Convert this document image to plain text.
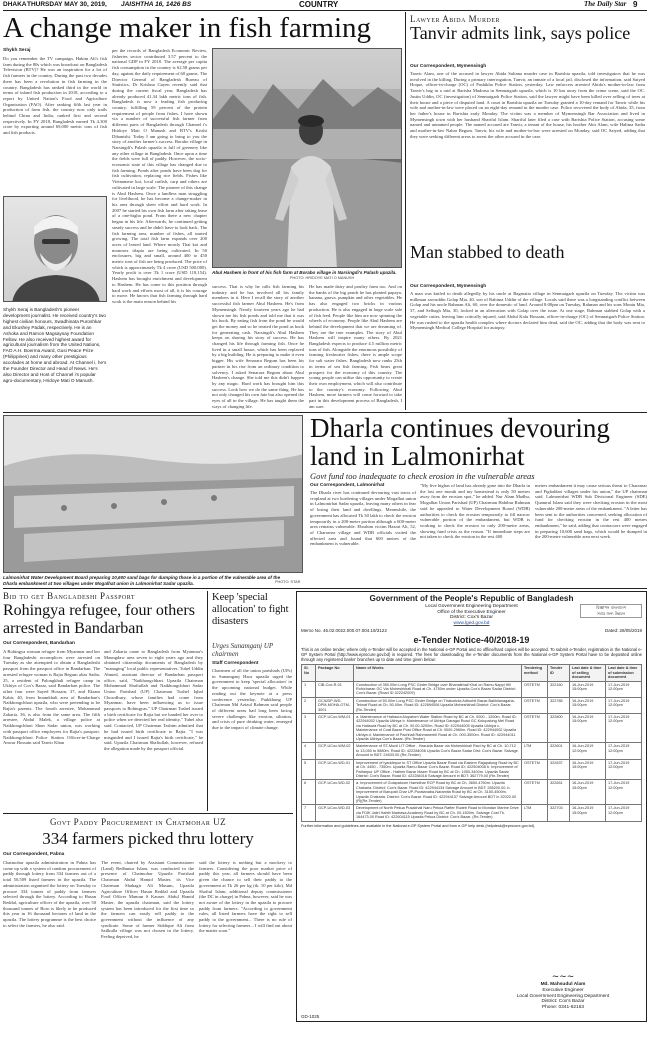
DHAKA THURSDAY MAY 30, 2019, JAISHTHA 16, 1426 BS	COUNTRY	The Daily Star 9
A change maker in fish farming
Shykh Seraj
Do you remember the TV campaign, Hakim Ali's fish farm during the 80s which was broadcast on Bangladesh Television (BTV)? He was an inspiration for a lot of fish farmers in the country. During the past two decades there has been a revolution in fish farming in the country. Bangladesh has ranked third in the world in terms of inland fish production in 2018, according to a report by United Nation's Food and Agriculture Organisation (FAO). After ranking fifth last year in production of farm fish, the country now only trails behind China and India, ranked first and second respectively. In FY 2018, Bangladesh earned Tk 4,300 crore by exporting around 69,000 metric tons of fish and fish products.
Shykh Seraj is Bangladesh's pioneer development journalist. He received country's two highest civilian honours, Swadhinata Puroshkar and Ekushey Padak, respectively. He is an Ashoka and Ramon Magsaysay Foundation Fellow. He also received highest award for agricultural journalism from the United Nations, FAO A.H. Boerma Award, Gusi Peace Prize (Philippines) and many other prestigious accolades at home and abroad. At Channel i, he's the Founder Director and Head of News. He's also Director and Host of Channel i's popular agro-documentary, Hridoye Mati O Manush.
per the records of Bangladesh Economic Review, fisheries sector contributed 3.57 percent to the national GDP in FY 2018. The average per capita fish consumption in the country is 62.58 grams per day, against the daily requirement of 60 grams. The Director General of Bangladesh Bureau of Statistics, Dr Krishna Gayen recently said that during the current fiscal year, Bangladesh has already produced 41.34 lakh metric tons of fish. Bangladesh is now a leading fish producing country, fulfilling 59 percent of the protein requirement of people from fishes. I have shown via a number of successful fish farmer from different parts of Bangladesh through Channel i's Hridoye Mati O Manush and BTV's Krishi Dibanishi. Today I am going to bring to you the story of another farmer's success. Borabo village in Narsingdi's Palash upazila is full of greenery like any other village in Bangladesh. Once upon a time the fields were full of paddy. However, the socio-economic state of this village has changed due to fish farming. Ponds after ponds have been dug for fish cultivation, replacing rice fields. Fishes like Vietnamese koi, local catfish, carp and others are cultivated in large scale. The pioneer of this change is Abul Hashem. Once a landless man struggling for livelihood, he has become a change-maker in his area through sheer effort and hard work. In 2007 he started his own fish farm after taking lease of a one-bigha pond. From there a new chapter began in his life. Afterwards, he continued getting steady success and he didn't have to look back. The fish farming area, number of fishes, all started growing. The total fish farm expands over 200 acres of leased land. Where mostly Thai koi and monosex tilapia are being cultivated. In 50 enclosures, big and small, around 400 to 450 metric tons of fish are being produced. The price of which is approximately Tk 4 crore (USD 500,000). Yearly profit is over Tk 1 crore (USD 118,154). Hashem has brought enrichment and development to Hashem. He has come to this position through hard work and efforts most of all, it is his courage to move. He knows that fish farming through hard work is the main reason behind his
Abul Hashem in front of his fish farm at Borabo village in Narsingdi's Palash upazila.
PHOTO: HRIDOYE MATI O MANUSH
success. That is why he calls fish farming his industry and he has involved all his family members in it. Here I recall the story of another successful fish farmer Abul Hashem. He's from Mymensingh. Nearly fourteen years ago he had shown me his fish ponds and told me that it was his book. By eating fish from the pond he would get the money and so he treated the pond as book for generating cash. Narsingdi's Abul Hashem keeps on sharing his story of success. He has changed his life through farming fish. Once he lived in a small house, which has been replaced by a big building. He is preparing to make it even bigger. His wife Senarara Begum has been his partner in his rise from an ordinary condition to solvency. I asked Senarara Begum about Abul Hashem's change. She told me this didn't happen by any magic. Hard work has brought him this success. Look how we do the same thing. He has not only changed his own fate but also opened the eyes of all in the village. He has taught them the ways of changing life.
He has made dairy and poultry farm too. And on the banks of the big ponds he has planted papaya, banana, guava, pumpkin and other vegetables. He has also engaged two bricks in various production. He is also engaged in large scale sale of fish feed. People like him are now spinning the wheels of economy. People like Abul Hashem are behind the development that we are dreaming of. They are the true examples. The story of Abul Hashem will inspire many others. By 2021 Bangladesh expects to produce 4.5 million metric tons of fish. Alongside the enormous possibility of farming freshwater fishes, there is ample scope for salt water fishes. Bangladesh now ranks 25th in terms of sea fish farming. Fish bears great prospect for the economy of this country. The young people can utilise this opportunity to create their own employment, which will also contribute to the country's economy. Following Abul Hashem, more farmers will come forward to take part in this development process of Bangladesh, I am sure.
Lawyer Abida Murder
Tanvir admits link, says police
Our Correspondent, Mymensingh
Tanvir Alam, one of the accused in lawyer Abida Sultana murder case in Barishia upazila, told investigators that he was involved in the killing. During a primary interrogation, Tanvir, an inmate of a local jail, disclosed the information, said Saiyed Hoque, officer-in-charge (OC) of Pashikha Police Station, yesterday. Law enforcers arrested Abida's mother-in-law from Tanvir's bag in a raid at Barisha Madrasa in Senmaigarh upazila, which is 10 km away from the crime scene, said the OC. Justin Uddin, OC (investigation) of Senmaigarh Police Station, said the lawyer might have been killed over selling of trees at their house and a piece of disputed land. A court in Barishia upazila on Tuesday granted a 10-day remand for Tanvir while his wife and mother-in-law were placed on an eight-day remand in the murder case. Police recovered the body of Abida, 35, from her father's house in Barishia early Monday. The victim was a member of Mymensingh Bar Association and lived in Mymensingh town with her husband Shariful Islam. Shariful later filed a case with Barishia Police Station, accusing some named and unnamed people. The named accused are Tanvir, a tenant of the house, his brother Abir Alam, wife Halima Sadia and mother-in-law Nahar Begum. Tanvir, his wife and mother-in-law were arrested on Monday, said OC Saiyed, adding that they were seeking different areas to arrest the other accused in the case.
Man stabbed to death
Our Correspondent, Mymensingh
A man was knifed to death allegedly by his uncle at Bagmatia village in Senmaigarh upazila on Tuesday. The victim was milkman sarcuddin Golap Mia, 40, son of Rahima Uddin of the village. Locals said there was a longstanding conflict between Golap and his uncle Rahman Ali, 60, over the domestic of land. Around 8:00pm on Tuesday, Rahman and his sons Montu Mia, 37, and Selhagh Mia, 30, locked in an altercation with Golap over the issue. At one stage, Rahman stabbed Golap with a vegetable cutter, leaving him critically injured, said Abdul Kalu Hossain, officer-in-charge (OC) of Senmaigarh Police Station. He was rushed to the upazila health complex where doctors declared him dead, said the OC, adding that the body was sent to Mymensingh Medical College Hospital for autopsy.
Lalmonirhat Water Development Board preparing 10,600 sand bags for dumping those in a portion of the vulnerable area of the Dharla embankment at two villages under Mogalhat union in Lalmonirhat Sadar upazila.	PHOTO: STAR
Dharla continues devouring land in Lalmonirhat
Govt fund too inadequate to check erosion in the vulnerable areas
Our Correspondent, Lalmonirhat
The Dharla river has continued devouring vast tracts of cropland at two bordering villages under Mogalhat union in Lalmonirhat Sadar upazila, leaving many others in fear of losing their land and dwellings. Meanwhile, the government has allocated Tk 30 lakh to check the erosion temporarily in a 200-meter portion although a 600-meter area remains vulnerable. Ebrahim victim Hazrat Ali, 52, of Chararnar village and WDB officials visited the affected area and found that 600 metres of the embankment is vulnerable.
"My five bighas of land has already gone into the Dharla in the last one month and my homestead is only 50 metres away from the erosion spot," he added. Nur Alam Madhu, Mogalhat Union Parishad (UP) Chairman Habibur Rahman said he appealed to Water Development Board (WDB) authorities to check the erosion temporarily to fill narrow vulnerable portion of the embankment, but WDB is working to check the erosion in only 200-metre areas, showing fund crisis as the reason. "If immediate steps are not taken to check the erosion in the rest 400
metres embankment it may cause serious threat to Chararnar and Fighaldari villages under his union," the UP chairman said. Lalmonirhat WDB Sub Divisional Engineer (SDE) Quamrul Islam said they were checking erosion in the most vulnerable 200-metre areas of the embankment. "A letter has been sent to the authorities concerned, seeking allocation of fund for checking erosion in the rest 400 metres embankment," he said, adding that contractors were engaged in preparing 10,600 sand bags, which would be dumped in the 200-metre vulnerable area next week.
Bid to get Bangladeshi Passport
Rohingya refugee, four others arrested in Bandarban
Our Correspondent, Bandarban
A Rohingya woman refugee from Myanmar and her four Bangladeshi accomplices were arrested on Tuesday as she attempted to obtain a Bangladeshi passport from the passport office in Bandarban. The arrested refugee woman is Rajia Begum alias Sadia, 25, a resident of Palongkhali refugee camp in Ukhiya of Cox's Bazar, said Bandarban police. The other four were Sayed Hossain, 37, and Ekram Kabir, 40, from Imamkhali area of Bandarban's Naikhongchhari upazila, who were pretending to be Rajia's parents. The fourth arrestee, Mohammad Zakaria, 36, is also from the same area. The fifth arrestee, Abdul Malek, a village police at Naikhongchhari Shun Sadar union, was working with passport office employees for Rajia's passport. Naikhongchhari Police Station Officer-in-Charge Anwar Hossain said Tanvir Khan
and Zakaria came to Bangladesh from Myanmar's Maungdaw area seven to eight years ago and they obtained citizenship documents of Bangladesh by "managing" local public representatives. Tuhel Uddin Ahmed, assistant director of Bandarban passport office, said, "Naikhongchhari Upazila Chairman Mohammad Shafiullah and Naikhongchhari Sadar Union Parishad (UP) Chairman Tushel Iqbal Chowdhury, whose families had come from Myanmar, have been influencing us to issue passports to Rohingyas." UP Chairman Tushel issued a birth certificate for Rajia but we handed her over to police when we detected her real identity," Tuhel also said. Contacted, UP Chairman Tashim admitted that he had issued birth certificate to Rajia. "I was misguided and I issued Rajia's birth certificate," he said. Upazila Chairman Shafiullah, however, refused the allegation made by the passport official.
Keep 'special allocation' to fight disasters
Urges Sunamganj UP chairmen
Staff Correspondent
Chairmen of all the union parishads (UPs) in Sunamganj Haor upazila urged the government to keep 'special allocation' in the upcoming national budget. While reading out the keynote at a press conference yesterday, Paikkhong UP Chairman Md Azizul Rahman said people of different areas had long been facing severe challenges like erosion, siltation, and crisis of pure drinking water, emerged due to the impact of climate change.
Government of the People's Republic of Bangladesh
Local Government Engineering Department
Office of the Executive Engineer
District: Cox's Bazar
www.lged.gov.bd
বিজ্ঞাপন বাংলাদেশ
সবার জন্য উন্নয়ন
Memo No. 46.02.0022.000.07.004.19/3122	Dated: 28/05/2019
e-Tender Notice-40/2018-19
This is an online tender, where only e-Tender will be accepted in the National e-GP Portal and no offline/hard copies will be accepted. To submit e-Tender, registration in the National e-GP System Portal (http://www.eprocure.gov.bd) is required. The fees for downloading the e-Tender documents from the National e-GP System Portal have to be deposited online through any registered banks' branches up to date and time given below:
Sl. No	Package No	Name of Works	Tendering method	Tender ID	Last date & time of selling document	Last date & time of submission document
1	CIB-Cox-R-01	Construction of 350.00m Long PSC Girder Bridge over Bhanaikhali Khal on Ramu Nappi Hill Rohicharan GC Via Moheshkhali Road at Ch. 4750m under Upazila Cox's Bazar Sadar District: Cox's Bazar. (Road ID 322242009)	OSTETM	322160	16-Jun-2019 15:00pm	17-Jun-2019 12:00pm
2	GCIUDP-WD-DPM-MOHA-OTM-3001	Construction of 50.00m Long PSC Girder Bridge on Thakurtola Adhurbil Bazar-Bakhilanagaria-Teknaf Road at Ch. 50.00m. Road ID: 422694006 Upazila Moheshkhali District: Cox's Bazar. (Re-Tender)	OSTETM	322785	16-Jun-2019 15:00pm	17-Jun-2019 12:00pm
3	GCP-UCox-WM-01	a. Maintenance of Hatiaura Alupatom Water Station Road by BC at Ch. 0000 - 1200m. Road ID: 422944002 Upazila Ukhiya b. Maintenance of Ukhiya Daragai Road GC Kutupalong Mel Road via Hatiaura Road by BC at Ch. 00.00-3200m. Road ID: 422944005 Upazila Ukhiya c. Maintenance of Coat Bazar Post Office Road at Ch. 0000-2960m. Road ID: 422944002 Upazila Ukhiya d. Maintenance of Pachhali Rahmanerbil Road at Ch. 000-3500m. Road ID: 422944011 Upazila Ukhiya Cox's Bazar. (Re-Tender)	OSTETM	322800	16-Jun-2019 15:00pm	17-Jun-2019 12:00pm
4	GCP-UCox-WM-02	Maintenance of ST-Munil LIT Office - Hazuida Bazar via Moheshkhali Ravi by BC at Ch. 10.712 to 13,050 to 5880m. Road ID: 422284006 Upazila Cox's Bazar Sadar Dist: Cox's Bazar. Salvage Amount in BDT: 24633.00 (Re-Tender)	LTM	322601	16-Jun-2019 12:00pm	17-Jun-2019 12:00pm
5	GCP-UCox-WD-01	Improvement of Iyaddinpur to ST Office Upazila Bazar Road via Eastern Rajapalong Road by BC at Ch. 4450 - 7350m. Upazila Ramu Bazar Cox's Bazar. Road ID: 422504008 b. Improvement of Patharpur UP Office - Hatimir Bazar Mazer Road by BC at Ch. 1050-3400m. Upazila Sadar District: Cox's Bazar. Road ID: 422284016 Salvage Amount in BDT: 362779.00 (Re-Tender)	OSTETM	322637	16-Jun-2019 15:00pm	17-Jun-2019 12:00pm
6	GCP-UCox-WD-02	a. Improvement of Gulapatoom Hamidhar RCP Road by BC at Ch. 3650-4760m. Upazila Chakaria. District: Cox's Bazar. Road ID: 422944134 Salvage Amount in BDT: 285200.00. b. Improvement of Barupati Char UP-Puratanaba-Naramita Road by BC at Ch. 3150-4500m. Upazila Chakaria. District: Cox's Bazar. Road ID: 422944137 Salvage Amount BDT in 32022.00 (R)(Re-Tender)	OSTETM	322651	16-Jun-2019 15:00pm	17-Jun-2019 12:00pm
7	GCP-UCox-WD-03	Development of North Pekua Pusakhali Naru Pekua Rafter Rudeb Road to Mondan Marine Drive via FDIK Jatiri Habib Madrasa Academy Road by BC at Ch. 00-1500m. Salvage Cost Tk. 164473.00 Road ID: 422604115 Upazila Pekua District: Cox's Bazar. (Re-Tender)	LTM	322703	16-Jun-2019 15:00pm	17-Jun-2019 12:00pm
Further information and guidelines are available in the National e-GP System Portal and from e-GP help desk (helpdesk@eprocure.gov.bd).
~~~
Md. Mahsudul Alam
Executive Engineer
Local Government Engineering Department
District: Cox's Bazar
Phone: 0341-62163
GD-1025
Govt Paddy Procurement in Chatmohar UZ
334 farmers picked thru lottery
Our Correspondent, Pabna
Chatmohar upazila administration in Pabna has come up with a system of random procurement of paddy through lottery from 334 farmers out of a total 50,509 listed farmers in the upazila. The administration organised the lottery on Tuesday to procure 334 tonnes of paddy from farmers selected through the lottery. According to Hasan Reddal, agriculture officer of the upazila, over 50 thousand tonnes of Boro is likely to be produced this year in 16 thousand hectares of land in the upazila. The lottery programme is the best choice to select the farmers, he also said.
The event, chaired by Assistant Commissioner (Land) Bedhunur Islam, was conducted in the presence of Chatmohar Upazila Parishad Chairman Abdul Hamid Master, its Vice Chairman Shahagir Ali Masum, Upazila Agriculture Officer Hasan Reddal and Upazila Food Officer Mamun S Kauser. Abdul Hamid Master, the upazila chairman, said the lottery system has been introduced for the first time so the farmers can easily sell paddy to the government without the influence of any syndicate. Some of farmer Siddique Ali from Sailkulla village was not chosen in the lottery. Feeling deprived, he
said the lottery is nothing but a mockery to farmers. Considering the poor market price of paddy this year, all farmers should have been given the chance to sell their paddy to the government at Tk 26 per kg (tk. 10 per kilo). Md Shafiul Islam, additional deputy commissioner (the DC in charge) in Pabna, however, said he was not aware of the lottery in the upazila to procure paddy from farmers. "According to government rules, all listed farmers have the right to sell paddy to the government... There is no rule of lottery for selecting farmers... I will find out about the matter soon."
